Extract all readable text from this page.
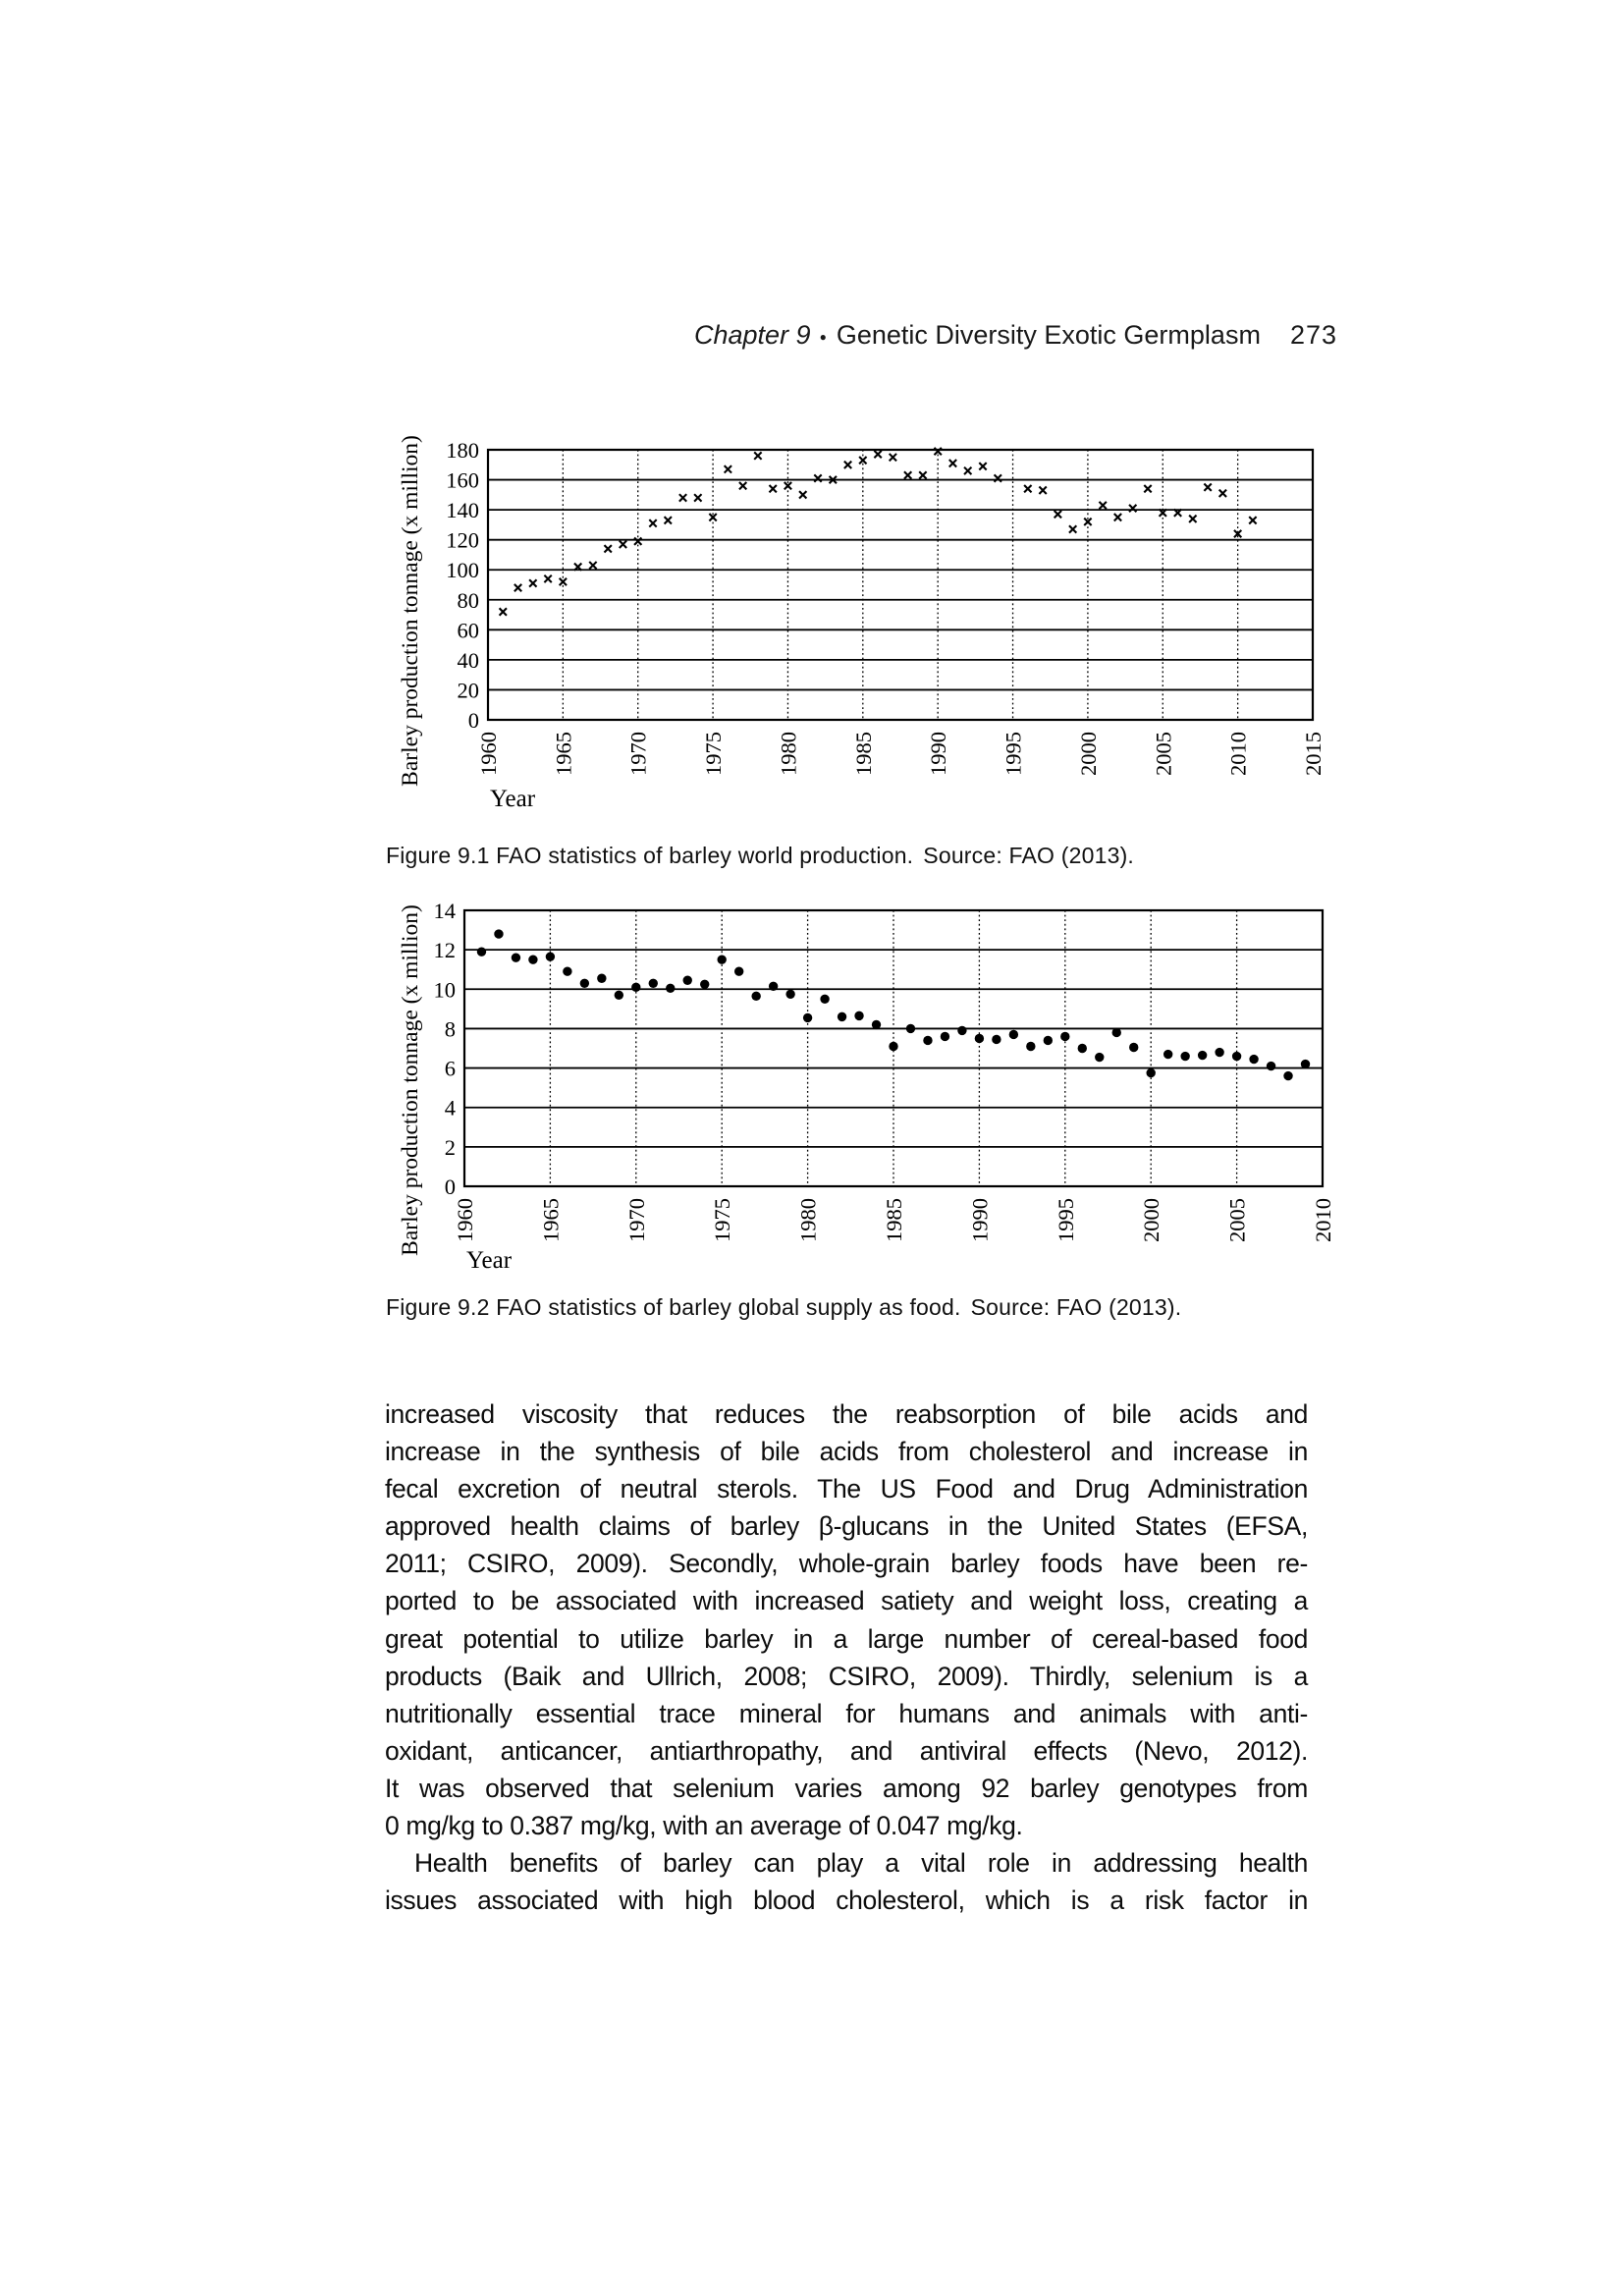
Chapter 9 ● Genetic Diversity Exotic Germplasm 273
0
20
40
60
80
100
120
140
160
180
1960 1965 1970 1975 1980 1985 1990 1995 2000 2005 2010 2015
Barley production tonnage (x million)
Year
Figure 9.1 FAO statistics of barley world production. Source: FAO (2013).
0
2
4
6
8
10
12
14
1960	1965	1970	1975	1980	1985	1990	1995	2000	2005	2010
Barley production tonnage (x million)
Year
Figure 9.2 FAO statistics of barley global supply as food. Source: FAO (2013).
increased viscosity that reduces the reabsorption of bile acids and
increase in the synthesis of bile acids from cholesterol and increase in
fecal excretion of neutral sterols. The US Food and Drug Administration
approved health claims of barley β-glucans in the United States (EFSA,
2011; CSIRO, 2009). Secondly, whole-grain barley foods have been re-
ported to be associated with increased satiety and weight loss, creating a
great potential to utilize barley in a large number of cereal-based food
products (Baik and Ullrich, 2008; CSIRO, 2009). Thirdly, selenium is a
nutritionally essential trace mineral for humans and animals with anti-
oxidant, anticancer, antiarthropathy, and antiviral effects (Nevo, 2012).
It was observed that selenium varies among 92 barley genotypes from
0 mg/kg to 0.387 mg/kg, with an average of 0.047 mg/kg.
Health benefits of barley can play a vital role in addressing health
issues associated with high blood cholesterol, which is a risk factor in
